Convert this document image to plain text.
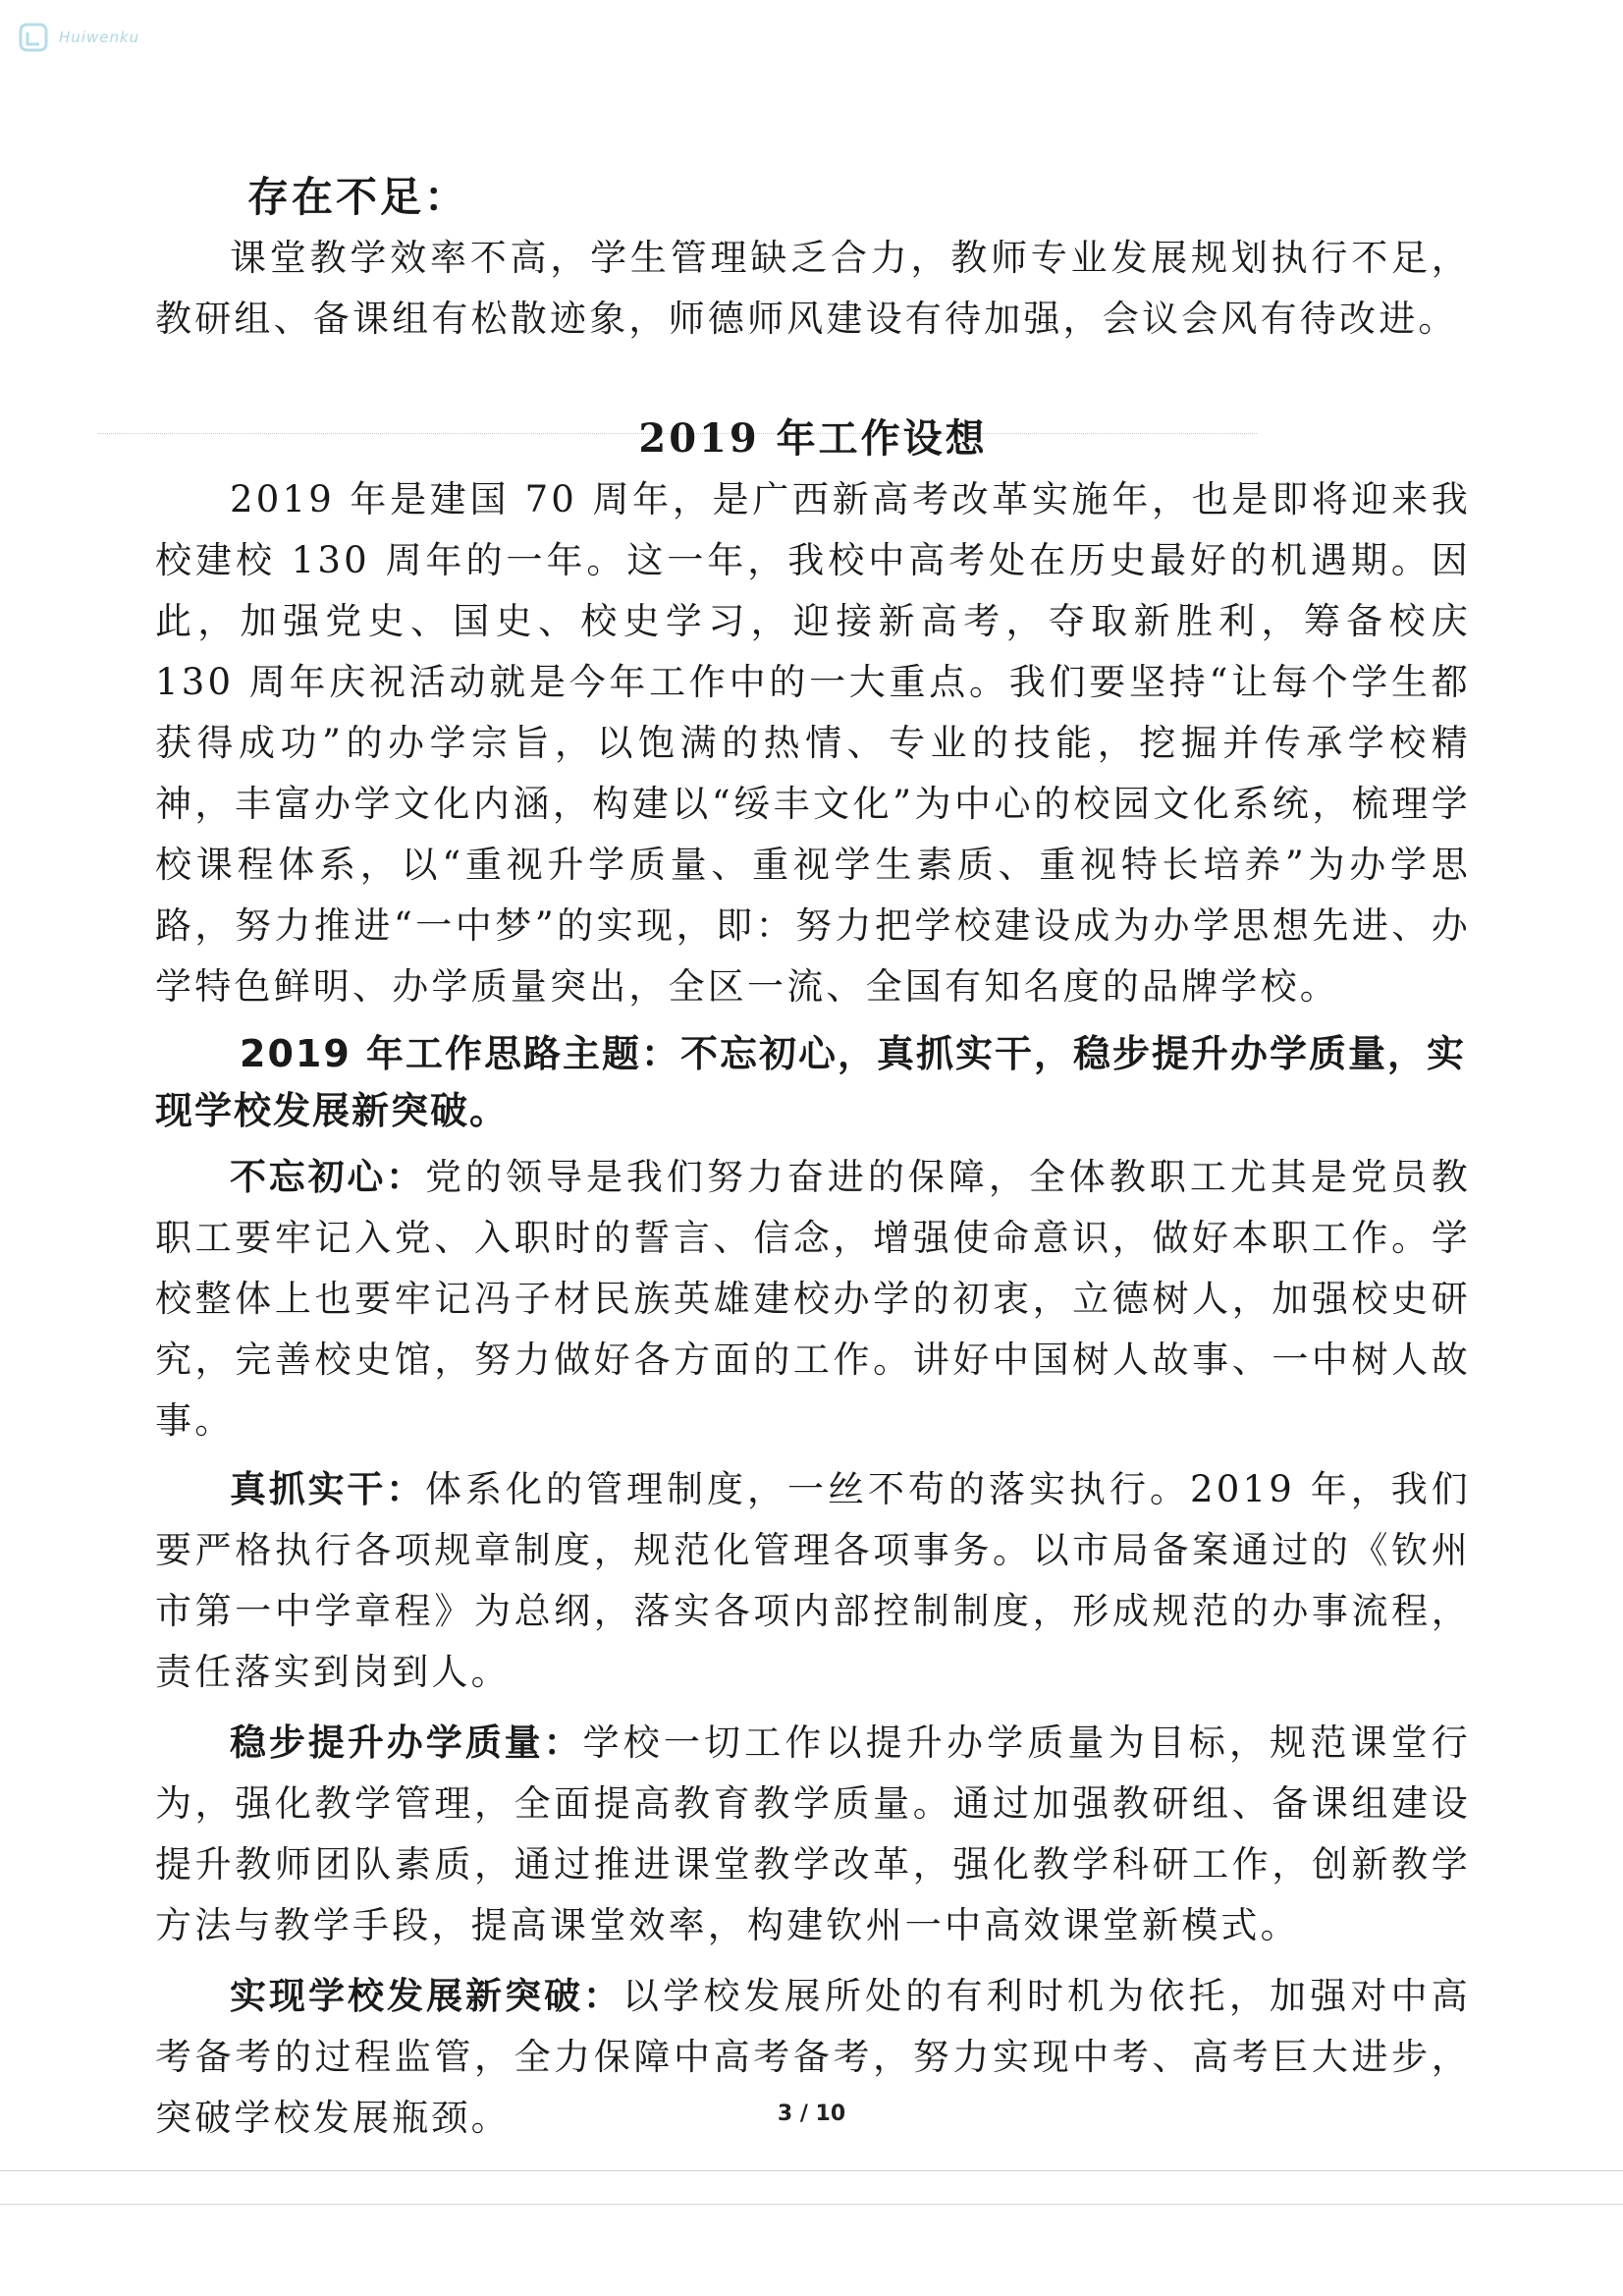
Huiwenku
存在不足：

课堂教学效率不高，学生管理缺乏合力，教师专业发展规划执行不足，教研组、备课组有松散迹象，师德师风建设有待加强，会议会风有待改进。

2019 年工作设想

2019 年是建国 70 周年，是广西新高考改革实施年，也是即将迎来我校建校 130 周年的一年。这一年，我校中高考处在历史最好的机遇期。因此，加强党史、国史、校史学习，迎接新高考，夺取新胜利，筹备校庆 130 周年庆祝活动就是今年工作中的一大重点。我们要坚持“让每个学生都获得成功”的办学宗旨，以饱满的热情、专业的技能，挖掘并传承学校精神，丰富办学文化内涵，构建以“绥丰文化”为中心的校园文化系统，梳理学校课程体系，以“重视升学质量、重视学生素质、重视特长培养”为办学思路，努力推进“一中梦”的实现，即：努力把学校建设成为办学思想先进、办学特色鲜明、办学质量突出，全区一流、全国有知名度的品牌学校。

2019 年工作思路主题：不忘初心，真抓实干，稳步提升办学质量，实现学校发展新突破。

不忘初心：党的领导是我们努力奋进的保障，全体教职工尤其是党员教职工要牢记入党、入职时的誓言、信念，增强使命意识，做好本职工作。学校整体上也要牢记冯子材民族英雄建校办学的初衷，立德树人，加强校史研究，完善校史馆，努力做好各方面的工作。讲好中国树人故事、一中树人故事。

真抓实干：体系化的管理制度，一丝不苟的落实执行。2019 年，我们要严格执行各项规章制度，规范化管理各项事务。以市局备案通过的《钦州市第一中学章程》为总纲，落实各项内部控制制度，形成规范的办事流程，责任落实到岗到人。

稳步提升办学质量：学校一切工作以提升办学质量为目标，规范课堂行为，强化教学管理，全面提高教育教学质量。通过加强教研组、备课组建设提升教师团队素质，通过推进课堂教学改革，强化教学科研工作，创新教学方法与教学手段，提高课堂效率，构建钦州一中高效课堂新模式。

实现学校发展新突破：以学校发展所处的有利时机为依托，加强对中高考备考的过程监管，全力保障中高考备考，努力实现中考、高考巨大进步，突破学校发展瓶颈。	3 / 10
